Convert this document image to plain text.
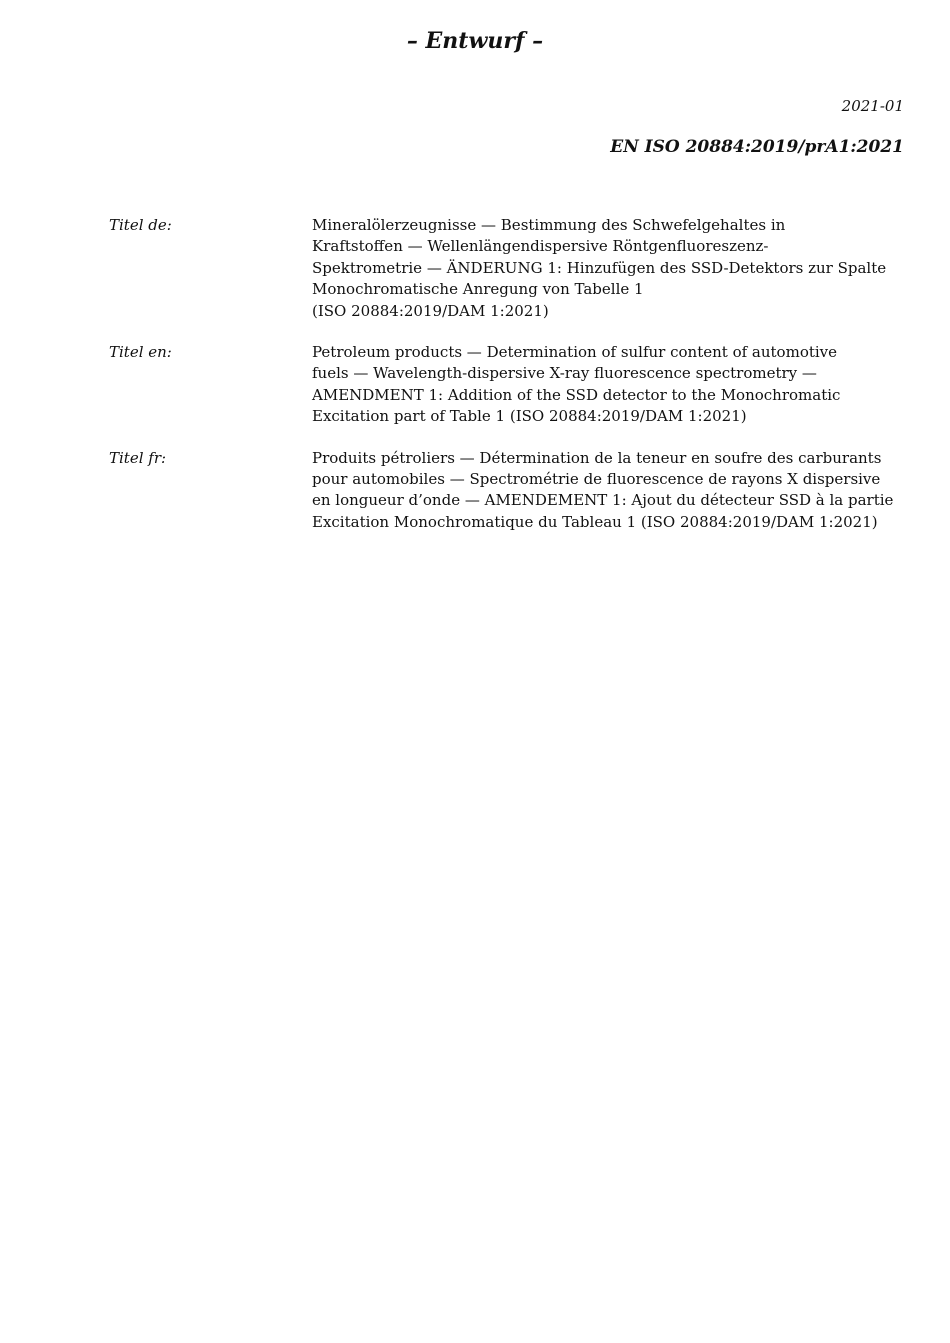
– Entwurf –
2021-01
EN ISO 20884:2019/prA1:2021
Titel de:	Mineralölerzeugnisse — Bestimmung des Schwefelgehaltes in
Kraftstoffen — Wellenlängendispersive Röntgenfluoreszenz-
Spektrometrie — ÄNDERUNG 1: Hinzufügen des SSD-Detektors zur Spalte
Monochromatische Anregung von Tabelle 1
(ISO 20884:2019/DAM 1:2021)
Titel en:	Petroleum products — Determination of sulfur content of automotive
fuels — Wavelength-dispersive X-ray fluorescence spectrometry —
AMENDMENT 1: Addition of the SSD detector to the Monochromatic
Excitation part of Table 1 (ISO 20884:2019/DAM 1:2021)
Titel fr:	Produits pétroliers — Détermination de la teneur en soufre des carburants
pour automobiles — Spectrométrie de fluorescence de rayons X dispersive
en longueur d’onde — AMENDEMENT 1: Ajout du détecteur SSD à la partie
Excitation Monochromatique du Tableau 1 (ISO 20884:2019/DAM 1:2021)
